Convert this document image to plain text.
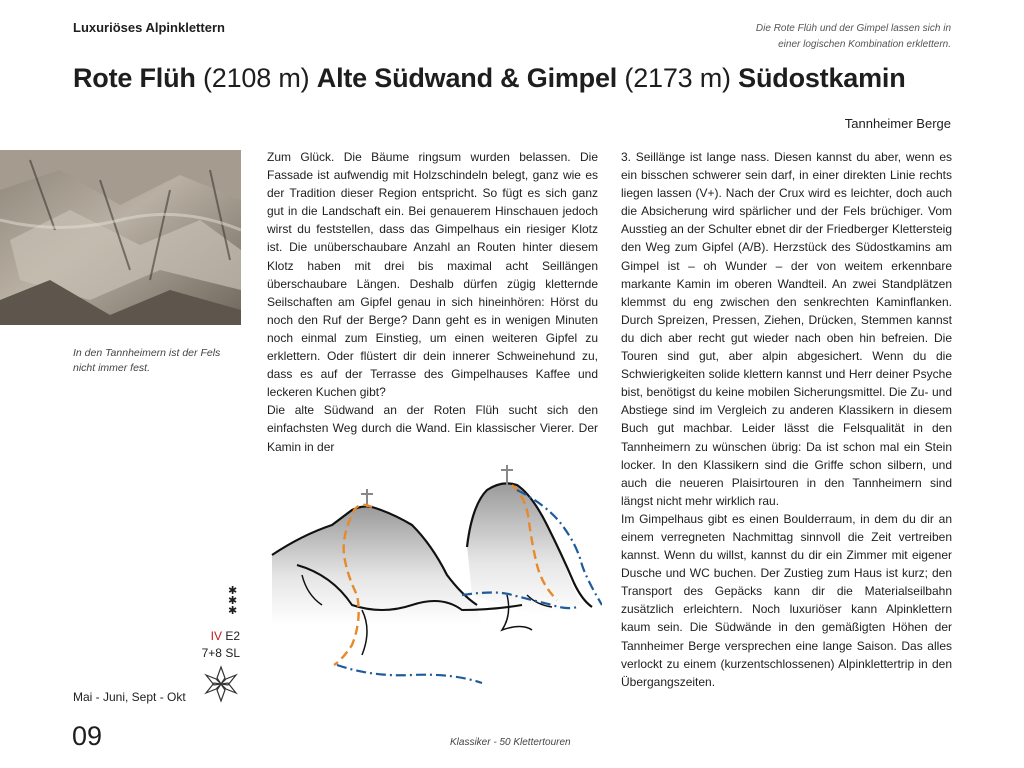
Luxuriöses Alpinklettern	Die Rote Flüh und der Gimpel lassen sich in einer logischen Kombination erklettern.
Rote Flüh (2108 m) Alte Südwand & Gimpel (2173 m) Südostkamin
Tannheimer Berge
In den Tannheimern ist der Fels nicht immer fest.

Zum Glück. Die Bäume ringsum wurden belassen. Die Fassade ist aufwendig mit Holzschindeln belegt, ganz wie es der Tradition dieser Region entspricht. So fügt es sich ganz gut in die Landschaft ein. Bei genauerem Hinschauen jedoch wirst du feststellen, dass das Gimpelhaus ein riesiger Klotz ist. Die unüberschaubare Anzahl an Routen hinter diesem Klotz haben mit drei bis maximal acht Seillängen überschaubare Längen. Deshalb dürfen zügig kletternde Seilschaften am Gipfel genau in sich hineinhören: Hörst du noch den Ruf der Berge? Dann geht es in wenigen Minuten noch einmal zum Einstieg, um einen weiteren Gipfel zu erklettern. Oder flüstert dir dein innerer Schweinehund zu, dass es auf der Terrasse des Gimpelhauses Kaffee und leckeren Kuchen gibt?

Die alte Südwand an der Roten Flüh sucht sich den einfachsten Weg durch die Wand. Ein klassischer Vierer. Der Kamin in der

3. Seillänge ist lange nass. Diesen kannst du aber, wenn es ein bisschen schwerer sein darf, in einer direkten Linie rechts liegen lassen (V+). Nach der Crux wird es leichter, doch auch die Absicherung wird spärlicher und der Fels brüchiger. Vom Ausstieg an der Schulter ebnet dir der Friedberger Klettersteig den Weg zum Gipfel (A/B). Herzstück des Südostkamins am Gimpel ist – oh Wunder – der von weitem erkennbare markante Kamin im oberen Wandteil. An zwei Standplätzen klemmst du eng zwischen den senkrechten Kaminflanken. Durch Spreizen, Pressen, Ziehen, Drücken, Stemmen kannst du dich aber recht gut wieder nach oben hin befreien. Die Touren sind gut, aber alpin abgesichert. Wenn du die Schwierigkeiten solide klettern kannst und Herr deiner Psyche bist, benötigst du keine mobilen Sicherungsmittel. Die Zu- und Abstiege sind im Vergleich zu anderen Klassikern in diesem Buch gut machbar. Leider lässt die Felsqualität in den Tannheimern zu wünschen übrig: Da ist schon mal ein Stein locker. In den Klassikern sind die Griffe schon silbern, und auch die neueren Plaisirtouren in den Tannheimern sind längst nicht mehr wirklich rau.

Im Gimpelhaus gibt es einen Boulderraum, in dem du dir an einem verregneten Nachmittag sinnvoll die Zeit vertreiben kannst. Wenn du willst, kannst du dir ein Zimmer mit eigener Dusche und WC buchen. Der Zustieg zum Haus ist kurz; den Transport des Gepäcks kann dir die Materialseilbahn zusätzlich erleichtern. Noch luxuriöser kann Alpinklettern kaum sein. Die Südwände in den gemäßigten Höhen der Tannheimer Berge versprechen eine lange Saison. Das alles verlockt zu einem (kurzentschlossenen) Alpinklettertrip in den Übergangszeiten.

✱
✱
✱
IV E2
7+8 SL
Mai - Juni, Sept - Okt
09	Klassiker - 50 Klettertouren
